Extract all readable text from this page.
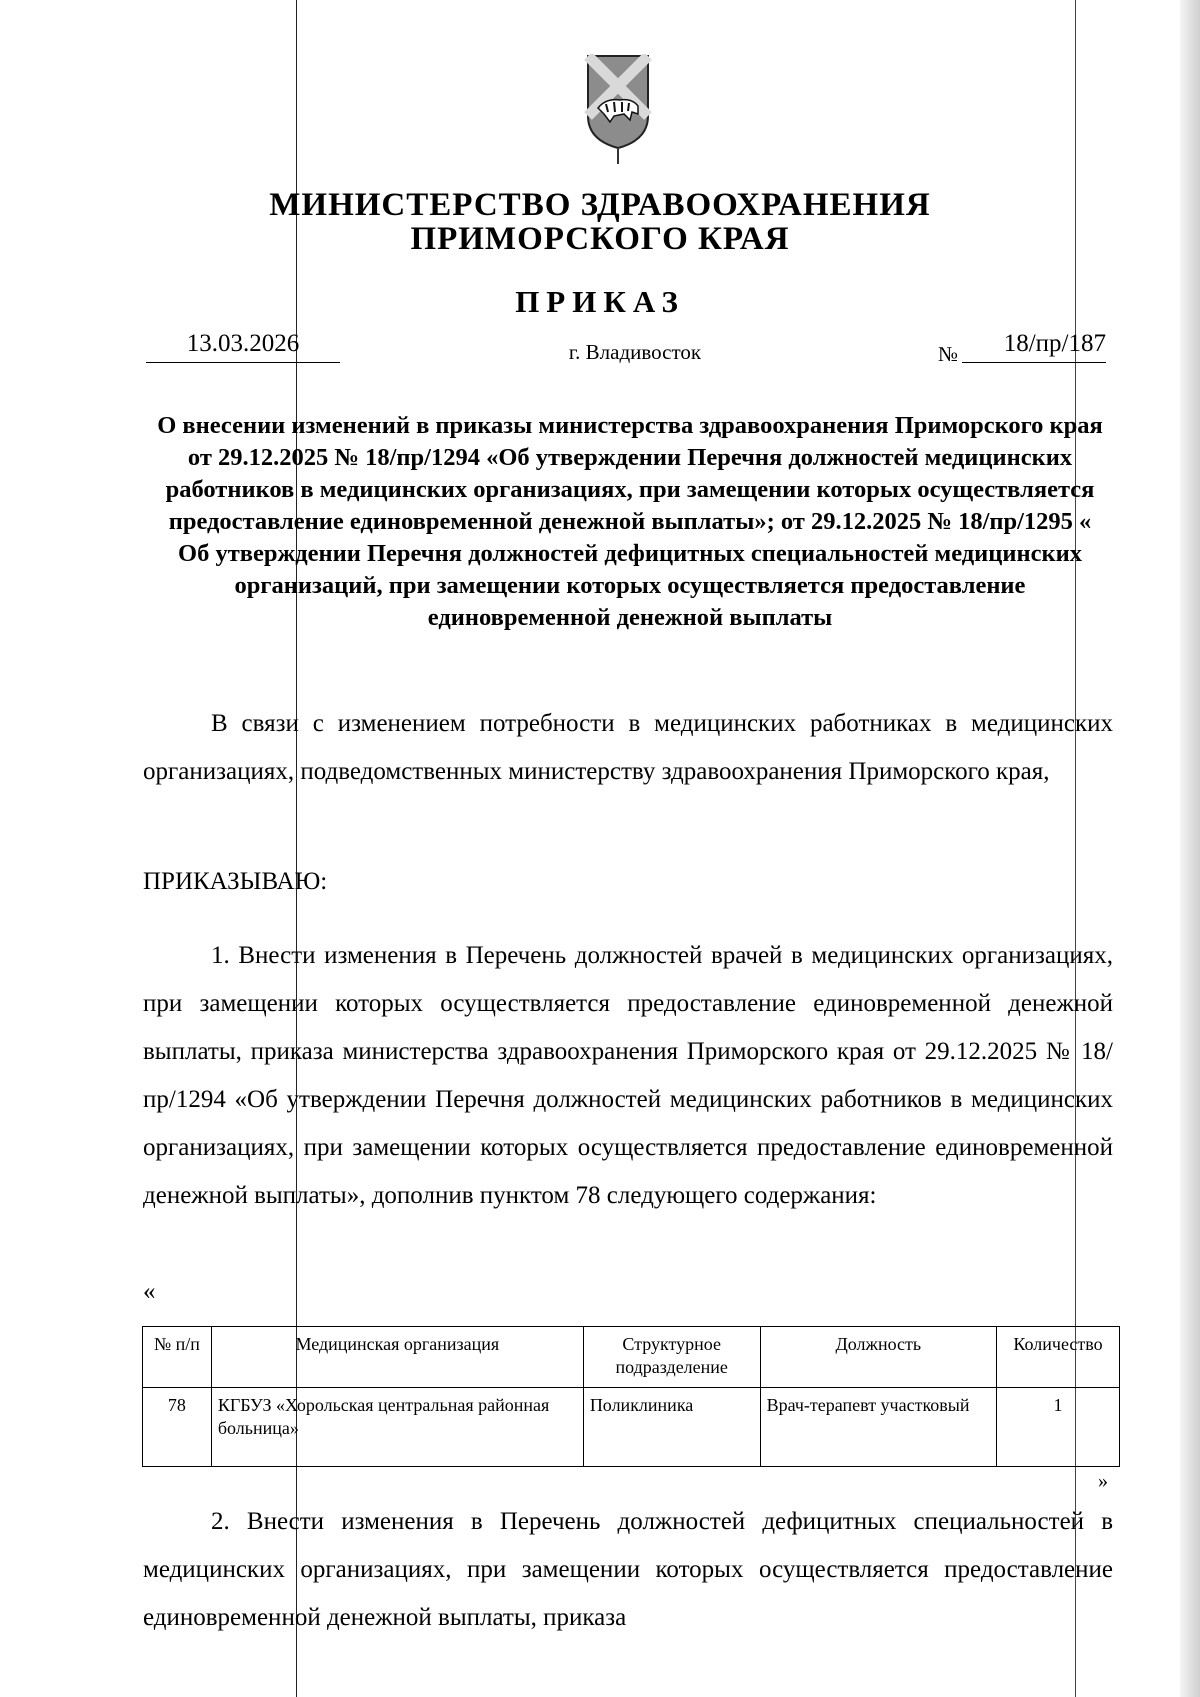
МИНИСТЕРСТВО ЗДРАВООХРАНЕНИЯ
ПРИМОРСКОГО КРАЯ
ПРИКАЗ
13.03.2026	г. Владивосток	№	18/пр/187
О внесении изменений в приказы министерства здравоохранения Приморского края от 29.12.2025 № 18/пр/1294 «Об утверждении Перечня должностей медицинских работников в медицинских организациях, при замещении которых осуществляется предоставление единовременной денежной выплаты»; от 29.12.2025 № 18/пр/1295 « Об утверждении Перечня должностей дефицитных специальностей медицинских организаций, при замещении которых осуществляется предоставление единовременной денежной выплаты
В связи с изменением потребности в медицинских работниках в медицинских организациях, подведомственных министерству здравоохранения Приморского края,
ПРИКАЗЫВАЮ:
1. Внести изменения в Перечень должностей врачей в медицинских организациях, при замещении которых осуществляется предоставление единовременной денежной выплаты, приказа министерства здравоохранения Приморского края от 29.12.2025 № 18/пр/1294 «Об утверждении Перечня должностей медицинских работников в медицинских организациях, при замещении которых осуществляется предоставление единовременной денежной выплаты», дополнив пунктом 78 следующего содержания:
«
№ п/п	Медицинская организация	Структурное подразделение	Должность	Количество
78	КГБУЗ «Хорольская центральная районная больница»	Поликлиника	Врач-терапевт участковый	1
»
2. Внести изменения в Перечень должностей дефицитных специальностей в медицинских организациях, при замещении которых осуществляется предоставление единовременной денежной выплаты, приказа
